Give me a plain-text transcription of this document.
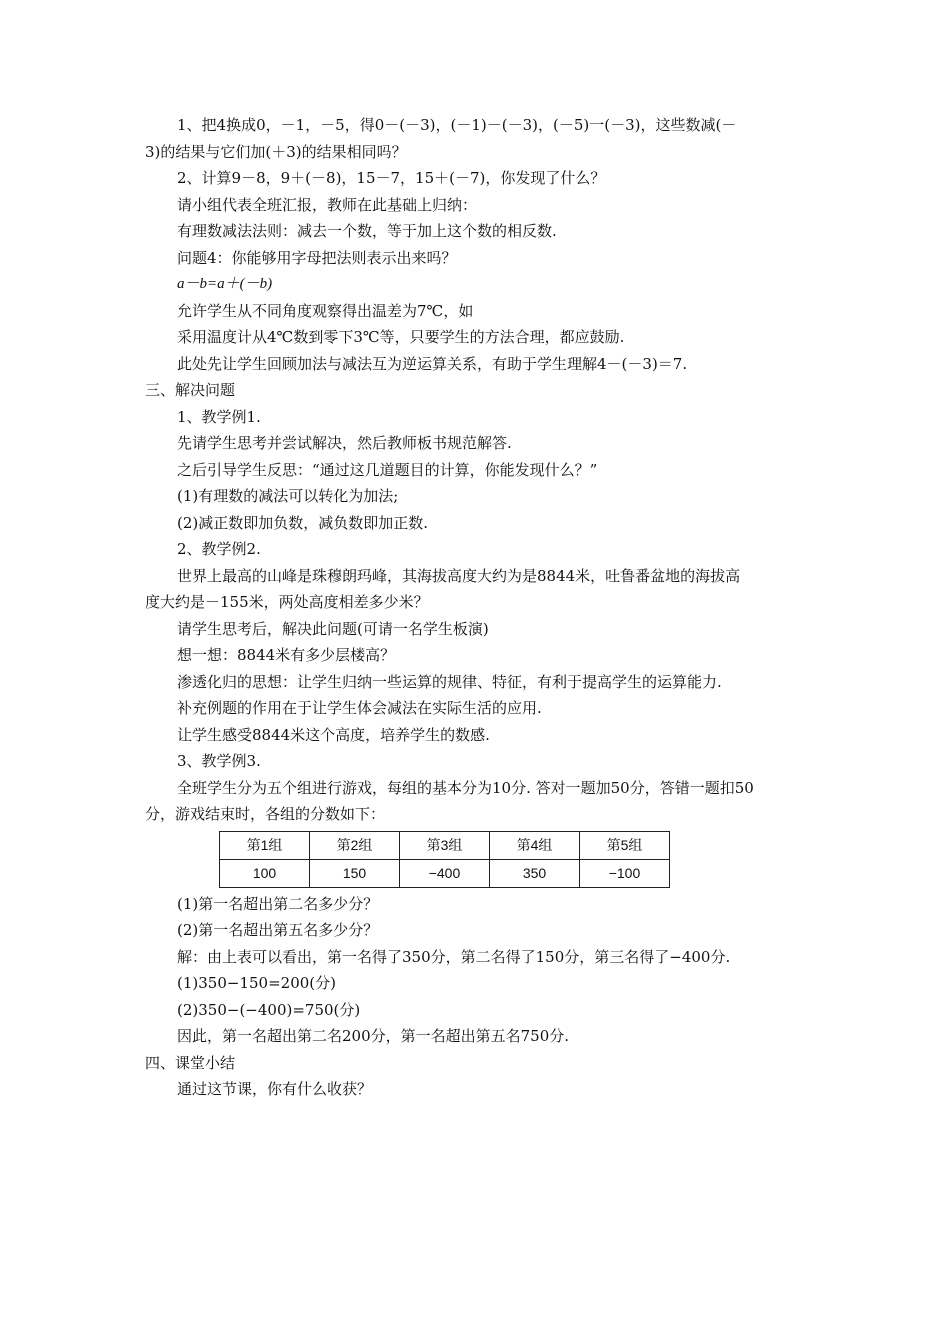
1、把4换成0，－1，－5，得0－(－3)，(－1)－(－3)，(－5)一(－3)，这些数减(－

3)的结果与它们加(＋3)的结果相同吗？

2、计算9－8，9＋(－8)，15－7，15＋(－7)，你发现了什么？

请小组代表全班汇报，教师在此基础上归纳：

有理数减法法则：减去一个数，等于加上这个数的相反数.

问题4：你能够用字母把法则表示出来吗？

a－b=a＋(－b)

允许学生从不同角度观察得出温差为7℃，如

采用温度计从4℃数到零下3℃等，只要学生的方法合理，都应鼓励.

此处先让学生回顾加法与减法互为逆运算关系，有助于学生理解4－(－3)＝7.

三、解决问题

1、教学例1.

先请学生思考并尝试解决，然后教师板书规范解答.

之后引导学生反思：“通过这几道题目的计算，你能发现什么？”

(1)有理数的减法可以转化为加法;

(2)减正数即加负数，减负数即加正数.

2、教学例2.

世界上最高的山峰是珠穆朗玛峰，其海拔高度大约为是8844米，吐鲁番盆地的海拔高

度大约是－155米，两处高度相差多少米？

请学生思考后，解决此问题(可请一名学生板演)

想一想：8844米有多少层楼高？

渗透化归的思想：让学生归纳一些运算的规律、特征，有利于提高学生的运算能力.

补充例题的作用在于让学生体会减法在实际生活的应用.

让学生感受8844米这个高度，培养学生的数感.

3、教学例3.

全班学生分为五个组进行游戏，每组的基本分为10分. 答对一题加50分，答错一题扣50

分，游戏结束时，各组的分数如下：

第1组	第2组	第3组	第4组	第5组
100	150	−400	350	−100

(1)第一名超出第二名多少分？

(2)第一名超出第五名多少分？

解：由上表可以看出，第一名得了350分，第二名得了150分，第三名得了−400分.

(1)350−150=200(分)

(2)350−(−400)=750(分)

因此，第一名超出第二名200分，第一名超出第五名750分.

四、课堂小结

通过这节课，你有什么收获？
